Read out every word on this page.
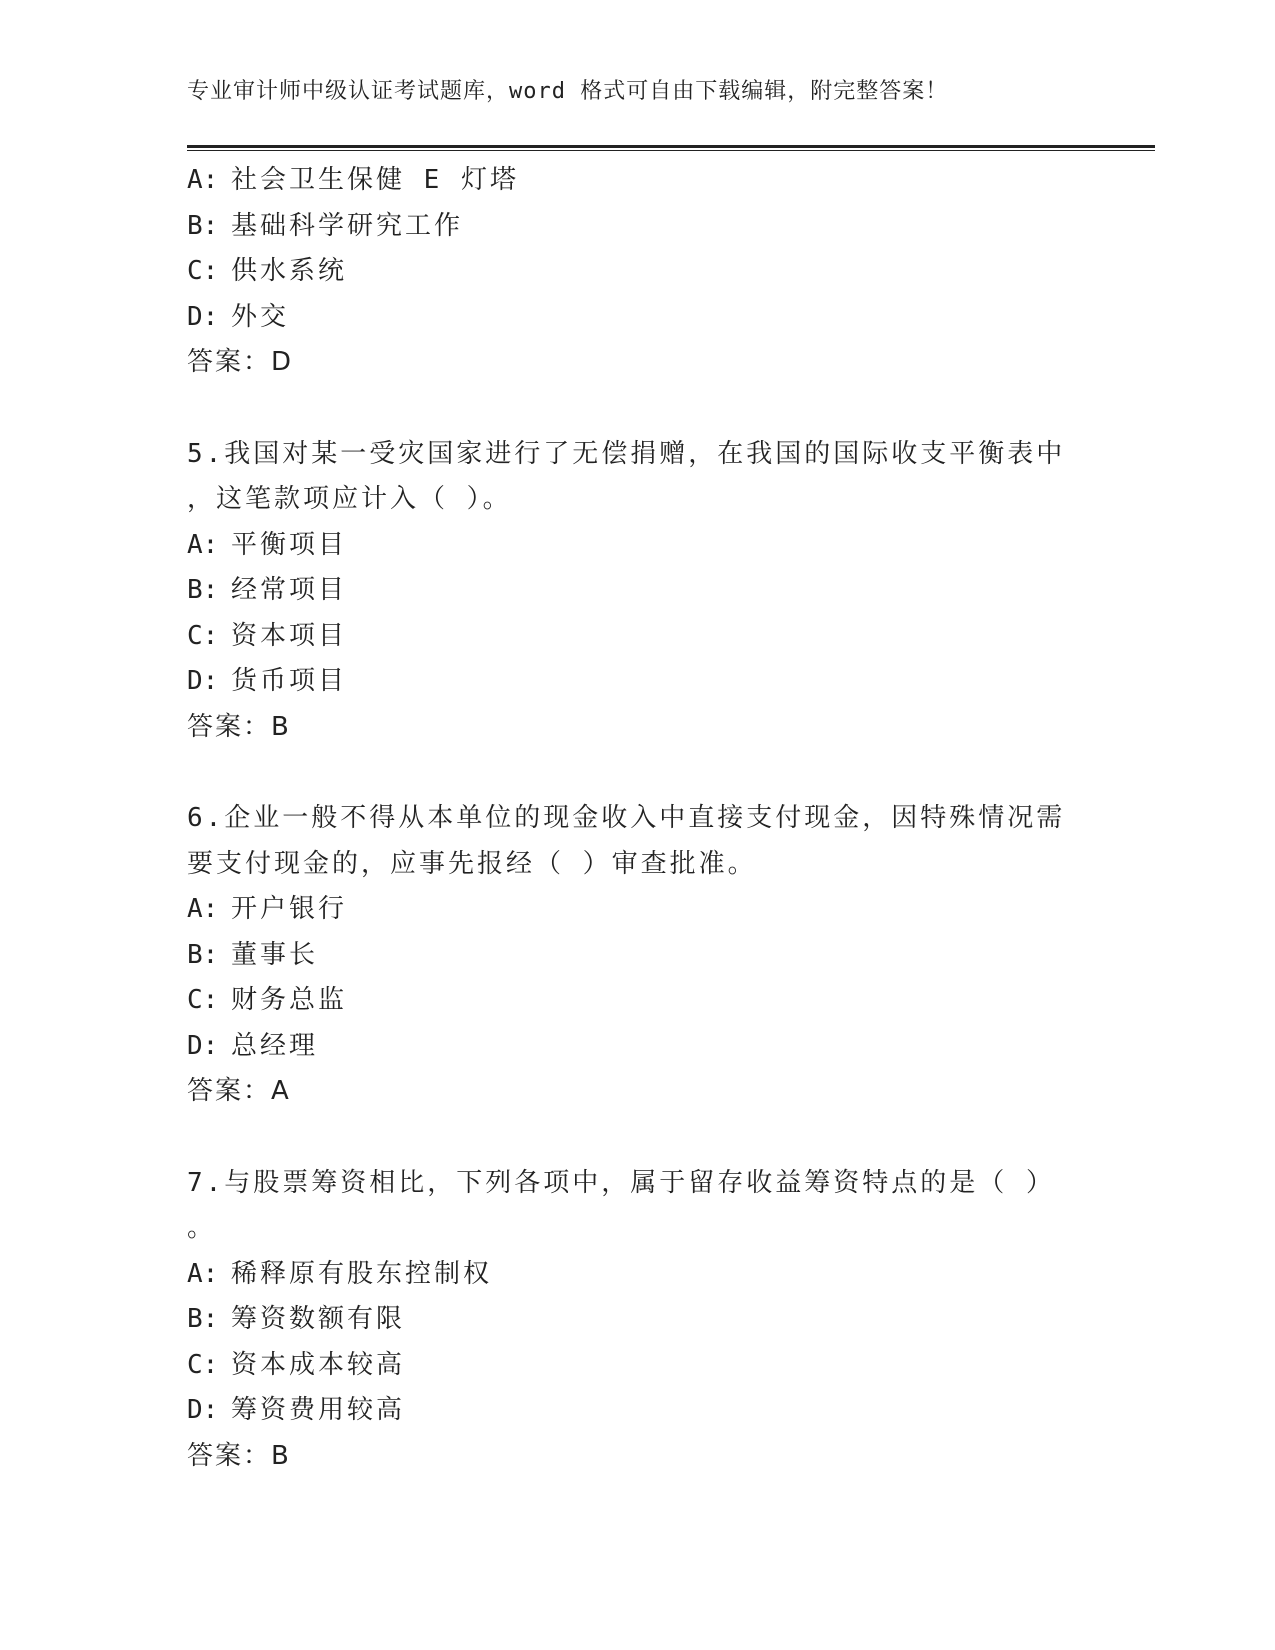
专业审计师中级认证考试题库，word 格式可自由下载编辑，附完整答案！
A: 社会卫生保健 E 灯塔
B: 基础科学研究工作
C: 供水系统
D: 外交
答案：D
5.我国对某一受灾国家进行了无偿捐赠，在我国的国际收支平衡表中
，这笔款项应计入（ ）。
A: 平衡项目
B: 经常项目
C: 资本项目
D: 货币项目
答案：B
6.企业一般不得从本单位的现金收入中直接支付现金，因特殊情况需
要支付现金的，应事先报经（ ）审查批准。
A: 开户银行
B: 董事长
C: 财务总监
D: 总经理
答案：A
7.与股票筹资相比，下列各项中，属于留存收益筹资特点的是（ ）
。
A: 稀释原有股东控制权
B: 筹资数额有限
C: 资本成本较高
D: 筹资费用较高
答案：B
